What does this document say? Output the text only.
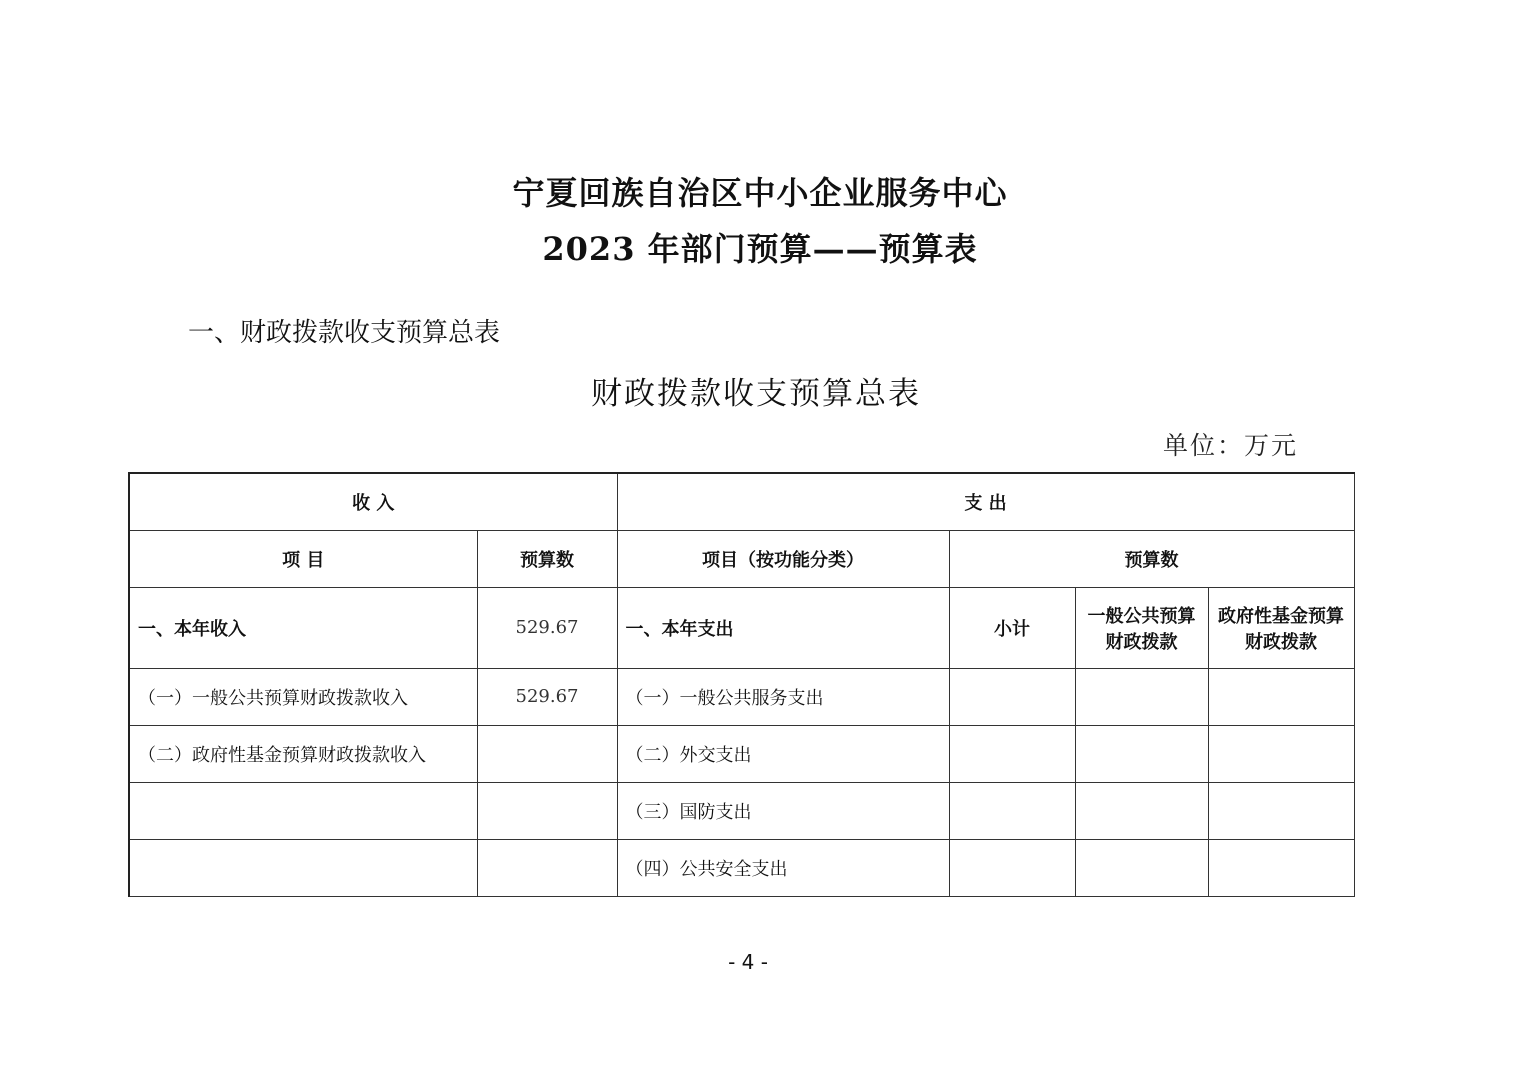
宁夏回族自治区中小企业服务中心
2023 年部门预算——预算表
一、财政拨款收支预算总表
财政拨款收支预算总表
单位：万元
收 入		支 出			
项 目	预算数	项目（按功能分类）	预算数		
一、本年收入	529.67	一、本年支出	小计	一般公共预算财政拨款	政府性基金预算财政拨款
（一）一般公共预算财政拨款收入	529.67	（一）一般公共服务支出			
（二）政府性基金预算财政拨款收入		（二）外交支出			
		（三）国防支出			
		（四）公共安全支出			
- 4 -
